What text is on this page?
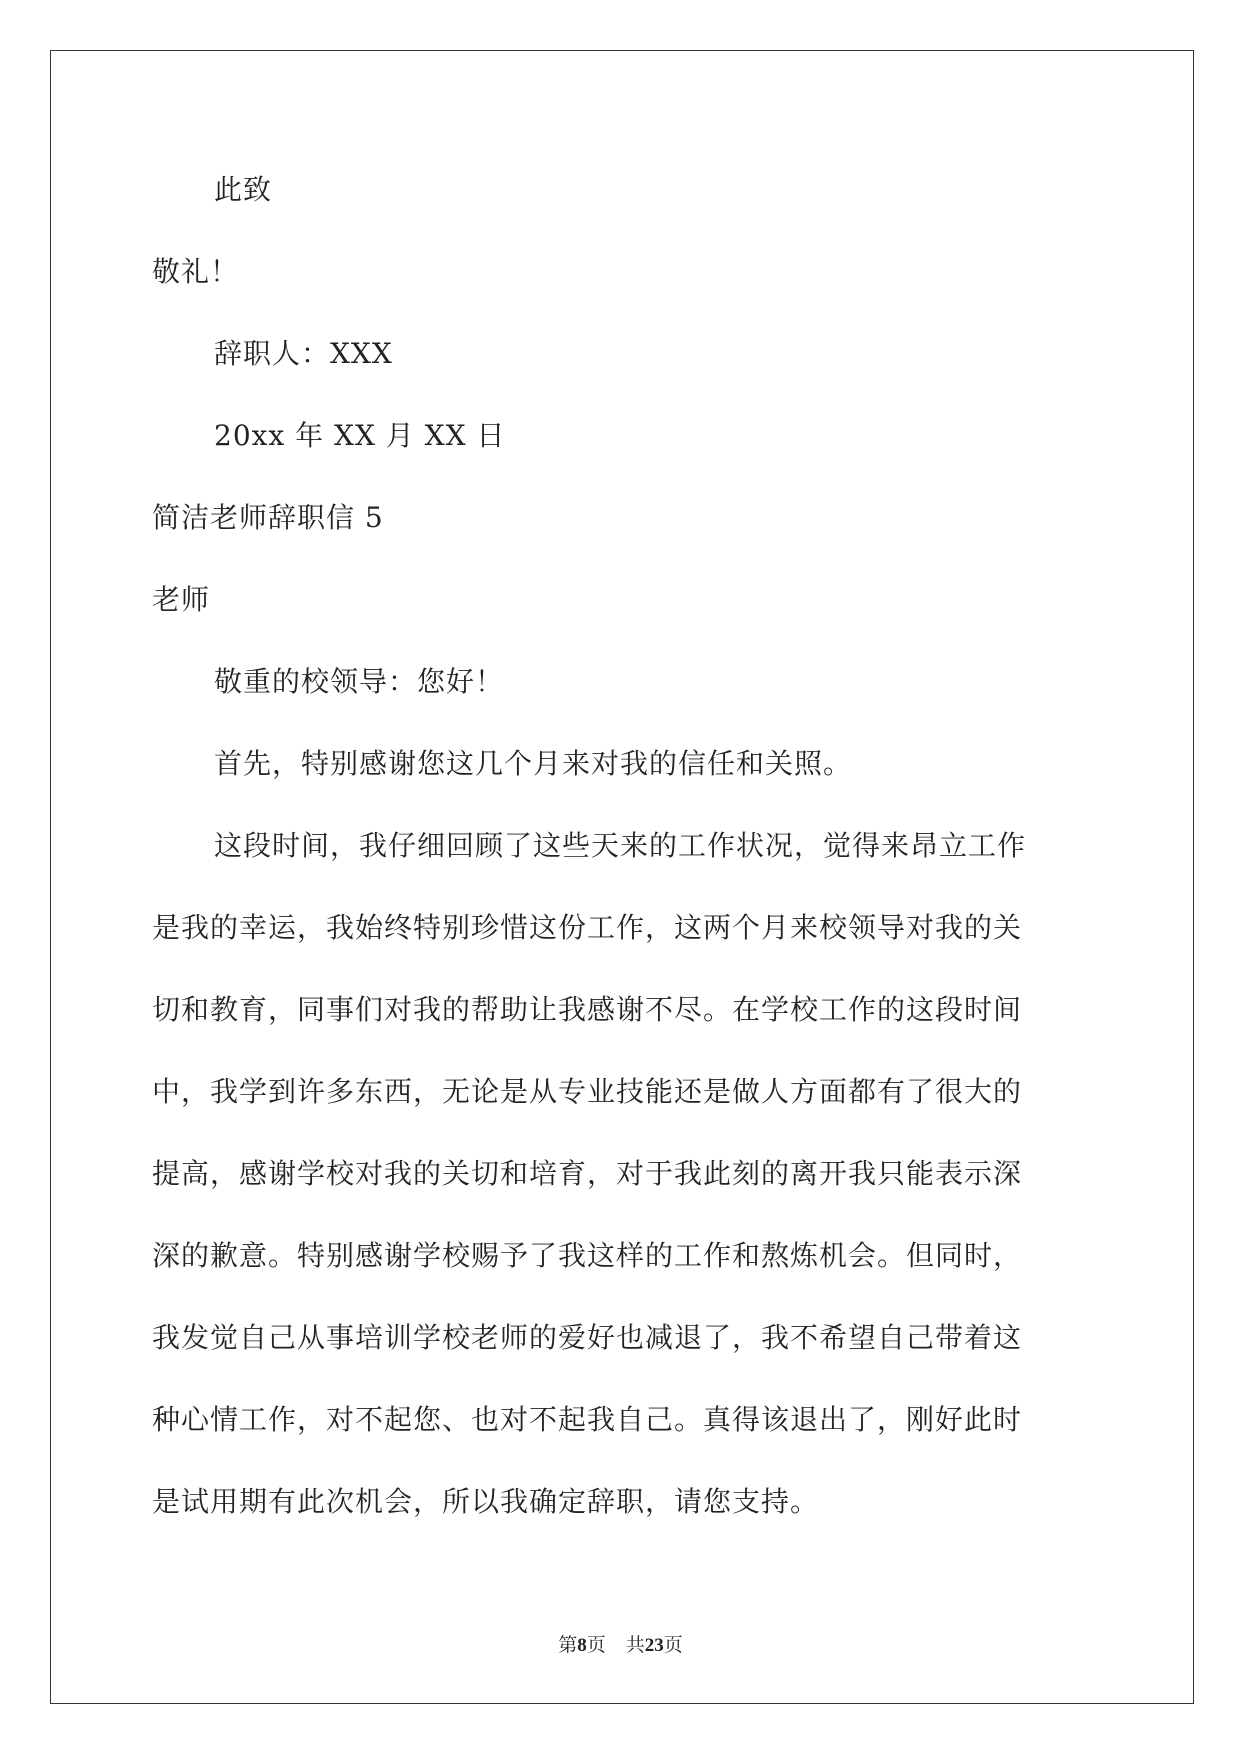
此致
敬礼！
辞职人：XXX
20xx 年 XX 月 XX 日
简洁老师辞职信 5
老师
敬重的校领导：您好！
首先，特别感谢您这几个月来对我的信任和关照。
这段时间，我仔细回顾了这些天来的工作状况，觉得来昂立工作
是我的幸运，我始终特别珍惜这份工作，这两个月来校领导对我的关
切和教育，同事们对我的帮助让我感谢不尽。在学校工作的这段时间
中，我学到许多东西，无论是从专业技能还是做人方面都有了很大的
提高，感谢学校对我的关切和培育，对于我此刻的离开我只能表示深
深的歉意。特别感谢学校赐予了我这样的工作和熬炼机会。但同时，
我发觉自己从事培训学校老师的爱好也减退了，我不希望自己带着这
种心情工作，对不起您、也对不起我自己。真得该退出了，刚好此时
是试用期有此次机会，所以我确定辞职，请您支持。
第8页 共23页
